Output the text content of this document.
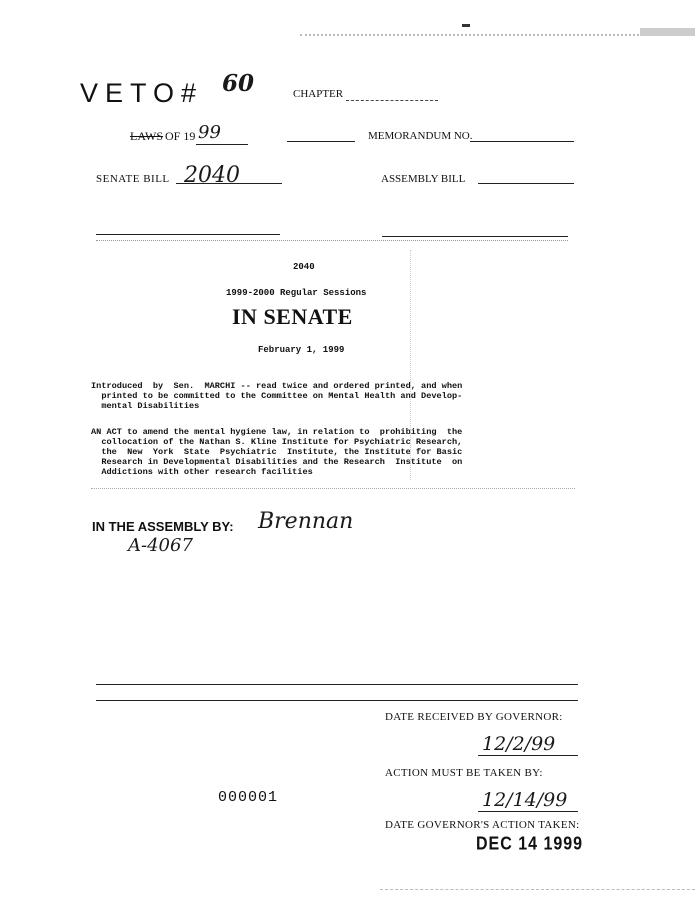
VETO# 60	CHAPTER
LAWS OF 19 99	MEMORANDUM NO.
SENATE BILL 2040	ASSEMBLY BILL
2040
1999-2000 Regular Sessions
IN SENATE
February 1, 1999
Introduced  by  Sen.  MARCHI -- read twice and ordered printed, and when
printed to be committed to the Committee on Mental Health and Develop-
mental Disabilities
AN ACT to amend the mental hygiene law, in relation to  prohibiting  the
collocation of the Nathan S. Kline Institute for Psychiatric Research,
the  New  York  State  Psychiatric  Institute, the Institute for Basic
Research in Developmental Disabilities and the Research  Institute  on
Addictions with other research facilities
IN THE ASSEMBLY BY: Brennan
A-4067
DATE RECEIVED BY GOVERNOR:
12/2/99
ACTION MUST BE TAKEN BY:
12/14/99
DATE GOVERNOR'S ACTION TAKEN:
DEC 14 1999
000001
